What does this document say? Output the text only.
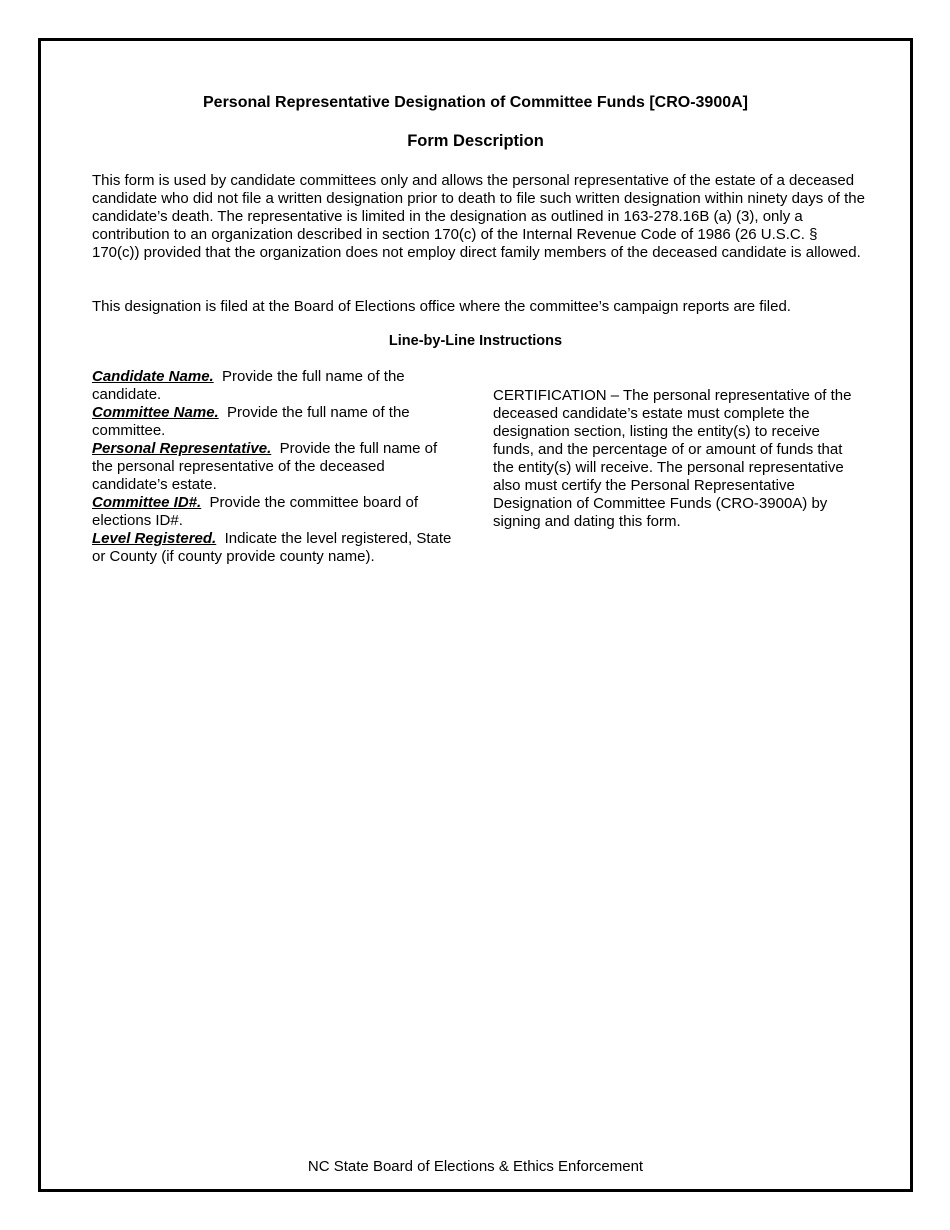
Personal Representative Designation of Committee Funds [CRO-3900A]
Form Description

This form is used by candidate committees only and allows the personal representative of the estate of a deceased candidate who did not file a written designation prior to death to file such written designation within ninety days of the candidate’s death. The representative is limited in the designation as outlined in 163-278.16B (a) (3), only a contribution to an organization described in section 170(c) of the Internal Revenue Code of 1986 (26 U.S.C. § 170(c)) provided that the organization does not employ direct family members of the deceased candidate is allowed.

This designation is filed at the Board of Elections office where the committee’s campaign reports are filed.

Line-by-Line Instructions

Candidate Name. Provide the full name of the candidate.

Committee Name. Provide the full name of the committee.

Personal Representative. Provide the full name of the personal representative of the deceased candidate’s estate.

Committee ID#. Provide the committee board of elections ID#.

Level Registered. Indicate the level registered, State or County (if county provide county name).

CERTIFICATION – The personal representative of the deceased candidate’s estate must complete the designation section, listing the entity(s) to receive funds, and the percentage of or amount of funds that the entity(s) will receive. The personal representative also must certify the Personal Representative Designation of Committee Funds (CRO-3900A) by signing and dating this form.

NC State Board of Elections & Ethics Enforcement
